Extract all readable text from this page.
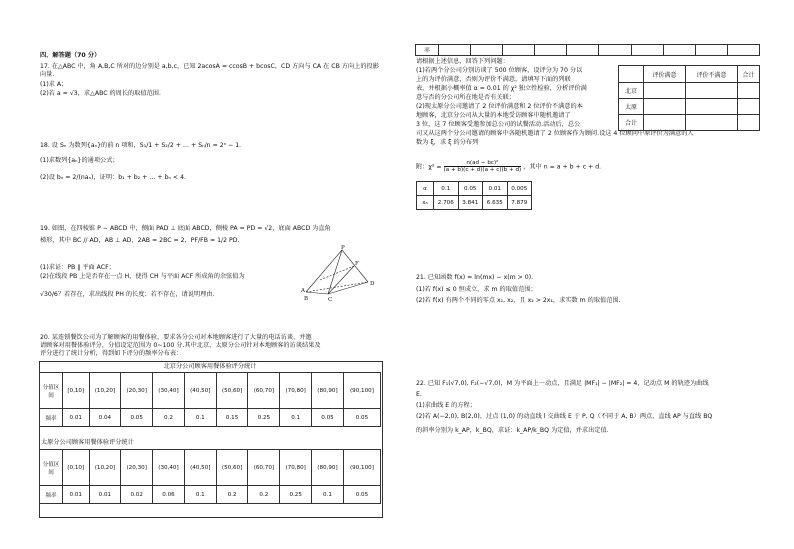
四、解答题（70 分）
17. 在△ABC 中，角 A,B,C 所对的边分别是 a,b,c，已知 2acosA = ccosB + bcosC，CD 方向与 CA 在 CB 方向上的投影向量．
(1)求 A；
(2)若 a = √3，求△ABC 的周长的取值范围．
18. 设 Sₙ 为数列{aₙ}的前 n 项和，S₁/1 + S₂/2 + … + Sₙ/n = 2ⁿ − 1．
(1)求数列{aₙ}的通项公式；
(2)设 bₙ = 2/(naₙ)，证明：b₁ + b₂ + … + bₙ < 4．
19. 如图，在四棱锥 P − ABCD 中，侧面 PAD ⊥ 底面 ABCD，侧棱 PA = PD = √2，底面 ABCD 为直角
梯形，其中 BC // AD，AB ⊥ AD，2AB = 2BC = 2，PF/FB = 1/2 PD．
(1)求证：PB ∥ 平面 ACF；
(2)在线段 PB 上是否存在一点 H，使得 CH 与平面 ACF 所成角的余弦值为
√30/6？若存在，求出线段 PH 的长度；若不存在，请说明理由．
P
F
A
B	C
D
20. 某连锁餐饮公司为了解顾客的用餐体验，要求各分公司对本地顾客进行了大量的电话访谈，并邀
请顾客对用餐体验评分，分值设定范围为 0~100 分.其中北京、太原分公司针对本地顾客的访谈结果及
评分进行了统计分析，得到如下评分的频率分布表：
北京分公司顾客用餐体验评分统计
分值区间	[0,10]	(10,20]	(20,30]	(30,40]	(40,50]	(50,60]	(60,70]	(70,80]	(80,90]	(90,100]
频率	0.01	0.04	0.05	0.2	0.1	0.15	0.25	0.1	0.05	0.05
太原分公司顾客用餐体验评分统计
分值区间	[0,10]	(10,20]	(20,30]	(30,40]	(40,50]	(50,60]	(60,70]	(70,80]	(80,90]	(90,100]
频率	0.01	0.01	0.02	0.06	0.1	0.2	0.2	0.25	0.1	0.05
率										
请根据上述信息，回答下列问题：
(1)若两个分公司分别访谈了 500 位顾客，设评分为 70 分以
上的为评价满意，否则为评价不满意，请填写下面的列联
表，并根据小概率值 α = 0.01 的 χ² 独立性检验，分析评价满
意与否的分公司所在地是否有关联；
(2)现太原分公司邀请了 2 位评价满意和 2 位评价不满意的本
地顾客，北京分公司从大量的本地受访顾客中随机邀请了
3 位，这 7 位顾客受邀参加总公司的试餐活动.活动后，总公
司又从这两个分公司邀请的顾客中各随机邀请了 2 位顾客作为顾问.设这 4 位顾问中原评价为满意的人
数为 ξ，求 ξ 的分布列
	评价满意	评价不满意	合计
北京			
太原			
合计			
附：$\chi^2 = \frac{\text{n(ad − bc)²}}{(a + b)(c + d)(a + c)(b + d)}$ ，其中 n = a + b + c + d．
α	0.1	0.05	0.01	0.005
xₐ	2.706	3.841	6.635	7.879
21. 已知函数 f(x) = ln(mx) − x(m > 0)．
(1)若 f(x) ≤ 0 恒成立，求 m 的取值范围；
(2)若 f(x) 有两个不同的零点 x₁, x₂，且 x₂ > 2x₁，求实数 m 的取值范围．
22. 已知 F₁(√7,0), F₂(−√7,0)，M 为平面上一动点，且满足 |MF₁| − |MF₂| = 4，记动点 M 的轨迹为曲线
E．
(1)求曲线 E 的方程；
(2)若 A(−2,0), B(2,0)，过点 (1,0) 的动直线 l 交曲线 E 于 P, Q（不同于 A, B）两点，直线 AP 与直线 BQ
的斜率分别为 k_AP，k_BQ，求证：k_AP/k_BQ 为定值，并求出定值．
